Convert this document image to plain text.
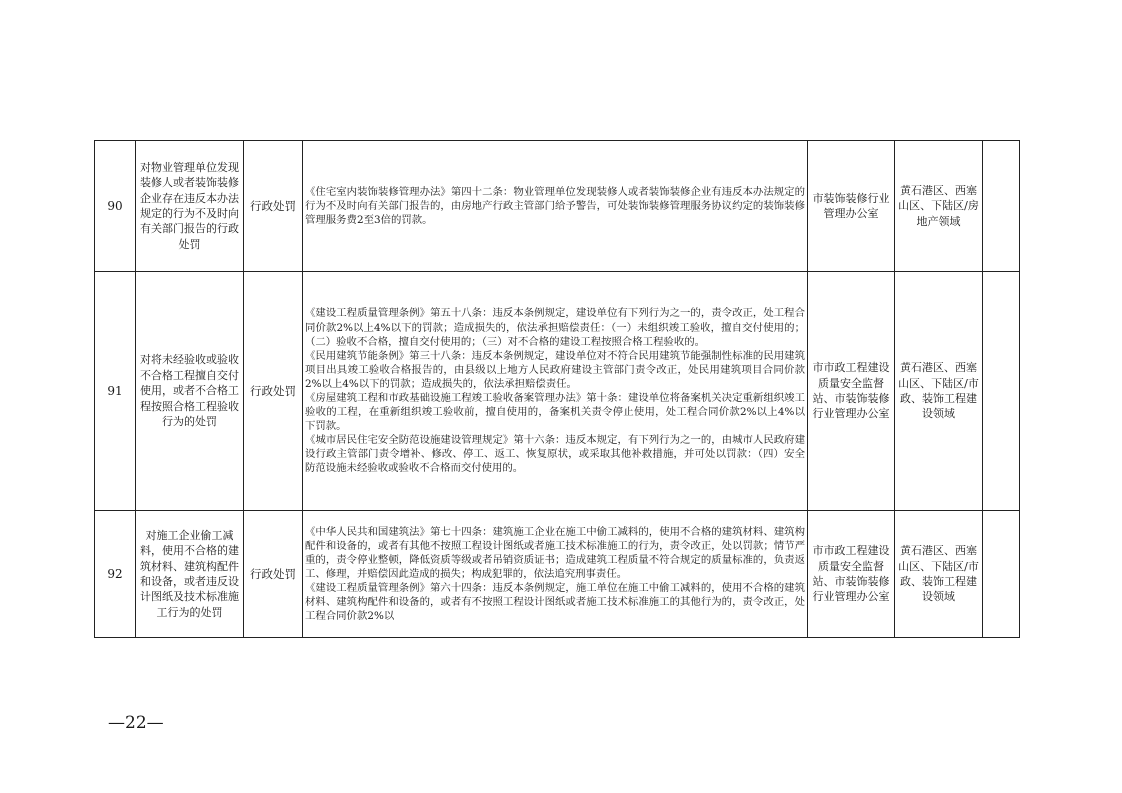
90	对物业管理单位发现装修人或者装饰装修企业存在违反本办法规定的行为不及时向有关部门报告的行政处罚	行政处罚	《住宅室内装饰装修管理办法》第四十二条：物业管理单位发现装修人或者装饰装修企业有违反本办法规定的行为不及时向有关部门报告的，由房地产行政主管部门给予警告，可处装饰装修管理服务协议约定的装饰装修管理服务费2至3倍的罚款。	市装饰装修行业管理办公室	黄石港区、西塞山区、下陆区/房地产领域	
91	对将未经验收或验收不合格工程擅自交付使用，或者不合格工程按照合格工程验收行为的处罚	行政处罚	《建设工程质量管理条例》第五十八条：违反本条例规定，建设单位有下列行为之一的，责令改正，处工程合同价款2%以上4%以下的罚款；造成损失的，依法承担赔偿责任：（一）未组织竣工验收，擅自交付使用的；（二）验收不合格，擅自交付使用的；（三）对不合格的建设工程按照合格工程验收的。
《民用建筑节能条例》第三十八条：违反本条例规定，建设单位对不符合民用建筑节能强制性标准的民用建筑项目出具竣工验收合格报告的，由县级以上地方人民政府建设主管部门责令改正，处民用建筑项目合同价款2%以上4%以下的罚款；造成损失的，依法承担赔偿责任。
《房屋建筑工程和市政基础设施工程竣工验收备案管理办法》第十条：建设单位将备案机关决定重新组织竣工验收的工程，在重新组织竣工验收前，擅自使用的，备案机关责令停止使用，处工程合同价款2%以上4%以下罚款。
《城市居民住宅安全防范设施建设管理规定》第十六条：违反本规定，有下列行为之一的，由城市人民政府建设行政主管部门责令增补、修改、停工、返工、恢复原状，或采取其他补救措施，并可处以罚款：（四）安全防范设施未经验收或验收不合格而交付使用的。	市市政工程建设质量安全监督站、市装饰装修行业管理办公室	黄石港区、西塞山区、下陆区/市政、装饰工程建设领域	
92	对施工企业偷工减料，使用不合格的建筑材料、建筑构配件和设备，或者违反设计图纸及技术标准施工行为的处罚	行政处罚	《中华人民共和国建筑法》第七十四条：建筑施工企业在施工中偷工减料的，使用不合格的建筑材料、建筑构配件和设备的，或者有其他不按照工程设计图纸或者施工技术标准施工的行为，责令改正，处以罚款；情节严重的，责令停业整顿，降低资质等级或者吊销资质证书；造成建筑工程质量不符合规定的质量标准的，负责返工、修理，并赔偿因此造成的损失；构成犯罪的，依法追究刑事责任。
《建设工程质量管理条例》第六十四条：违反本条例规定，施工单位在施工中偷工减料的，使用不合格的建筑材料、建筑构配件和设备的，或者有不按照工程设计图纸或者施工技术标准施工的其他行为的，责令改正，处工程合同价款2%以	市市政工程建设质量安全监督站、市装饰装修行业管理办公室	黄石港区、西塞山区、下陆区/市政、装饰工程建设领域	
—22—
